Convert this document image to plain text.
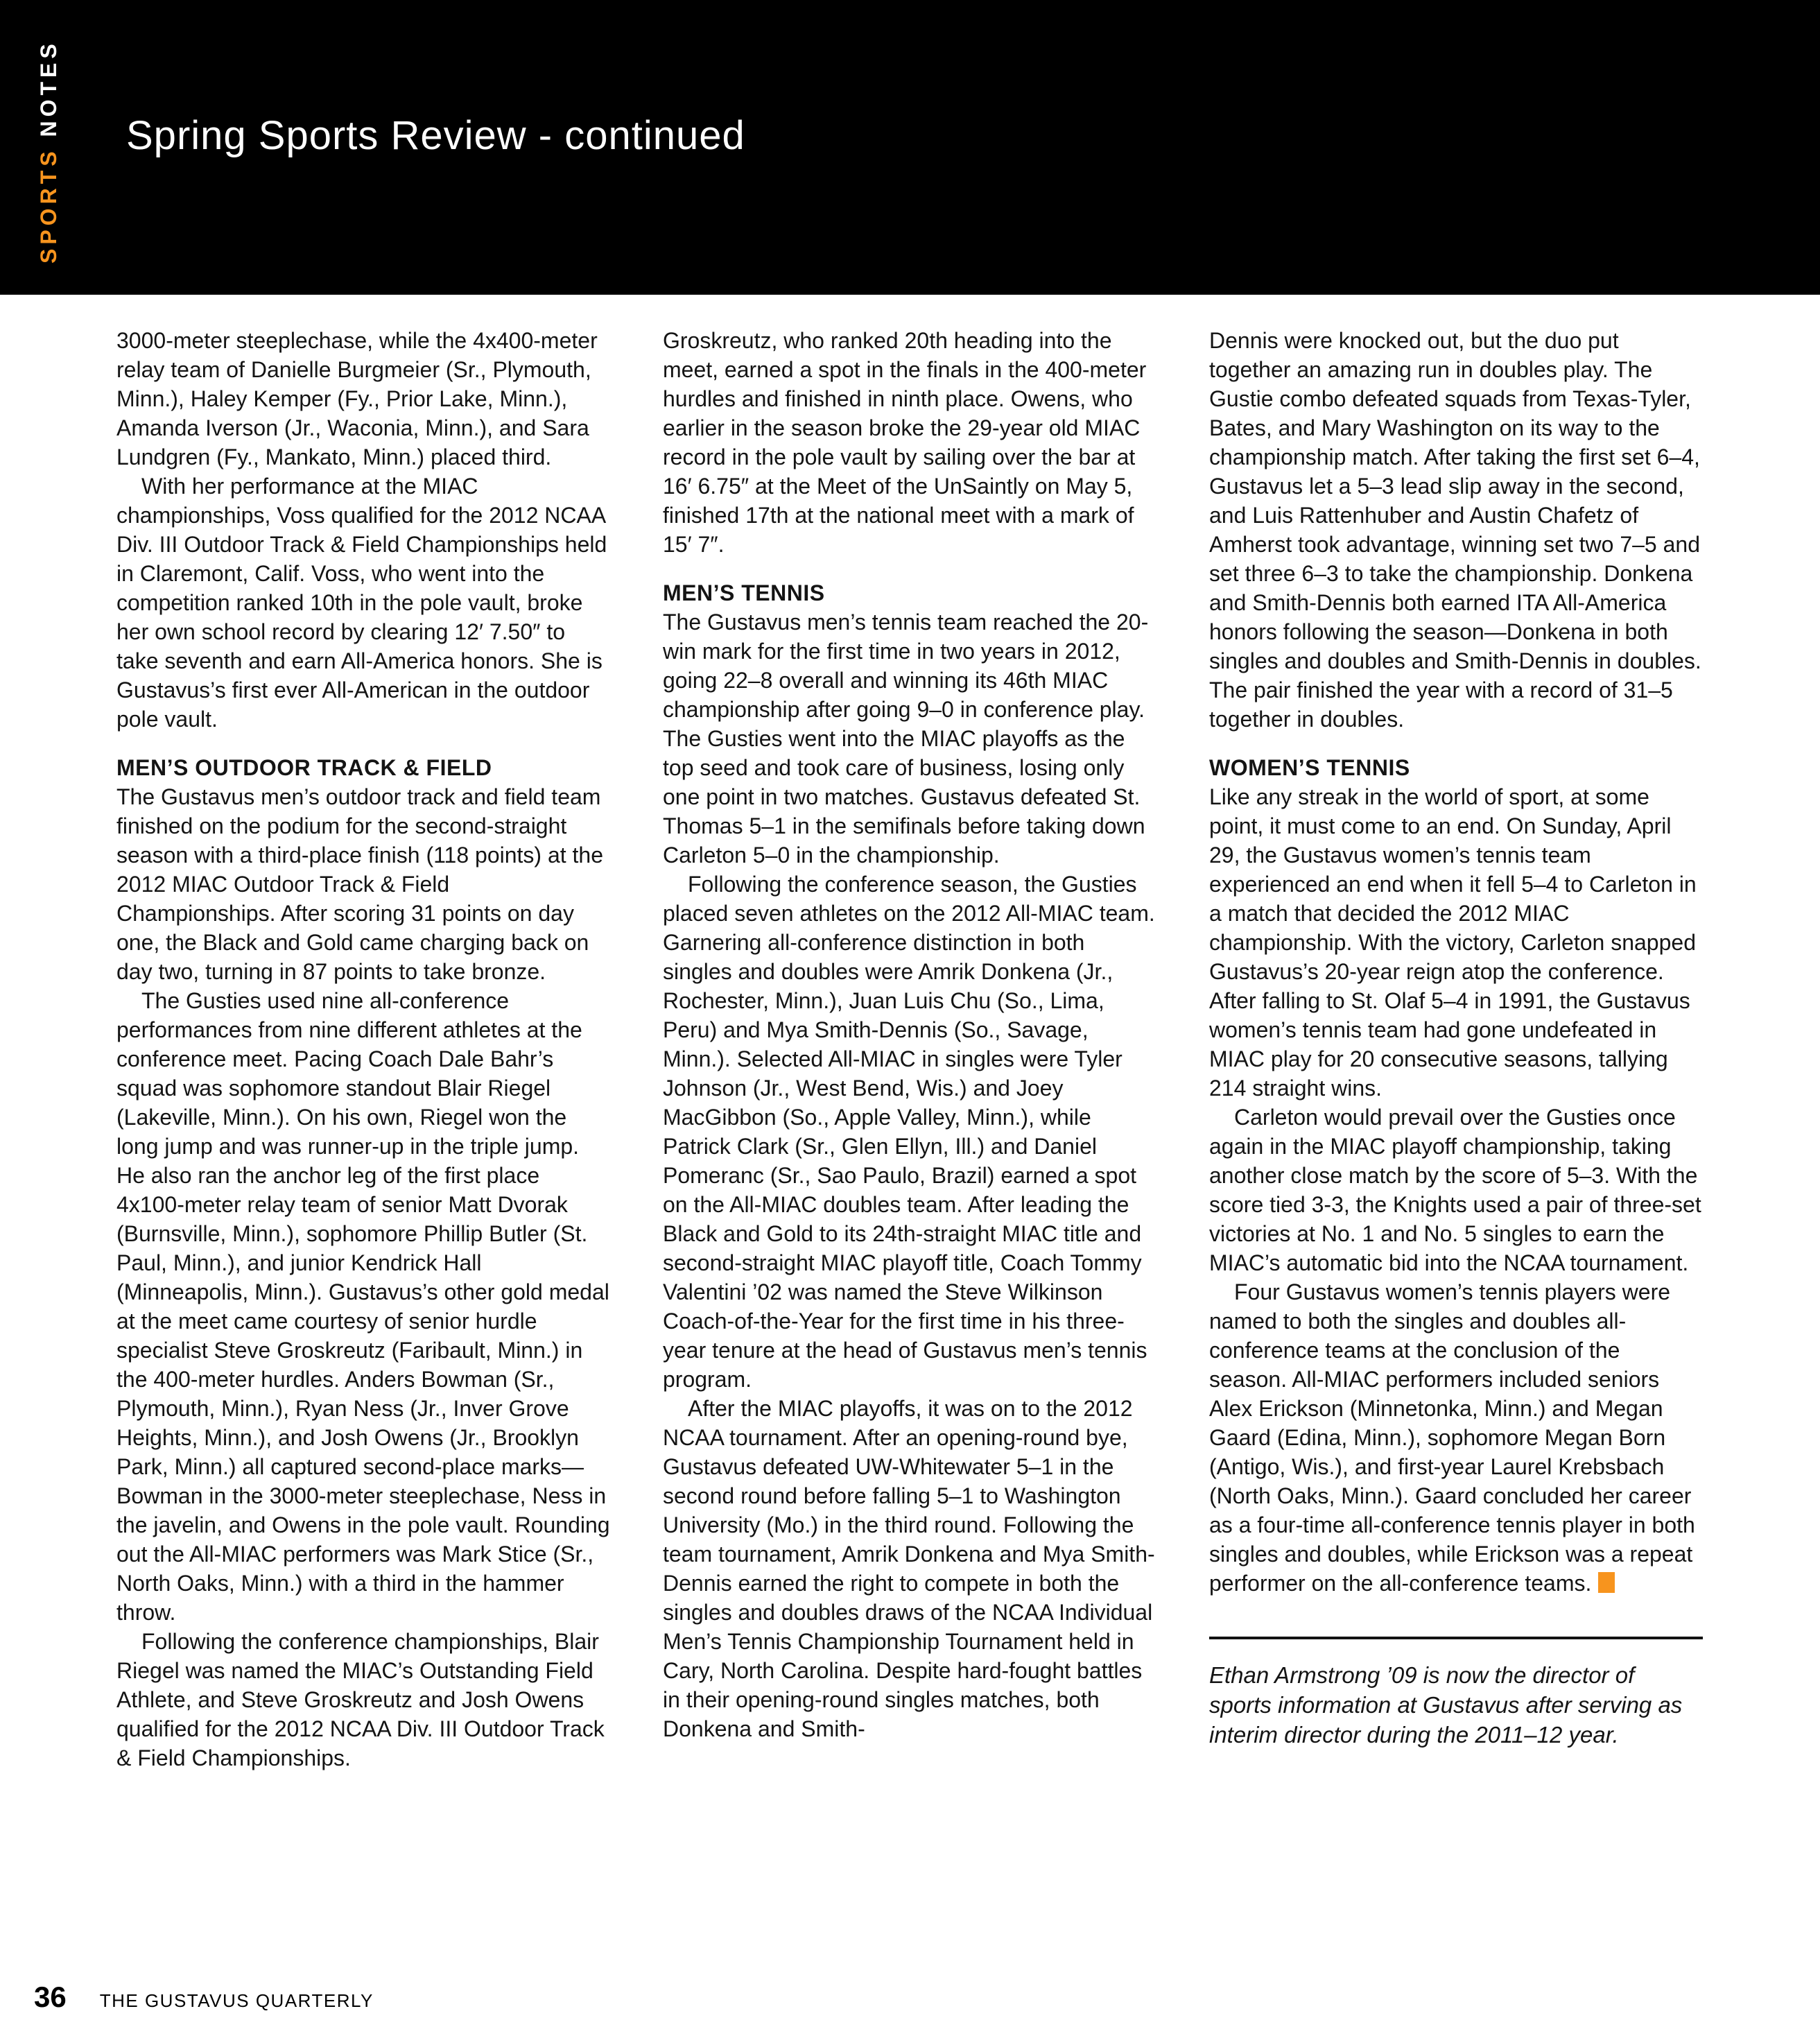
SPORTS NOTES Spring Sports Review - continued

3000-meter steeplechase, while the 4x400-meter relay team of Danielle Burgmeier (Sr., Plymouth, Minn.), Haley Kemper (Fy., Prior Lake, Minn.), Amanda Iverson (Jr., Waconia, Minn.), and Sara Lundgren (Fy., Mankato, Minn.) placed third.

With her performance at the MIAC championships, Voss qualified for the 2012 NCAA Div. III Outdoor Track & Field Championships held in Claremont, Calif. Voss, who went into the competition ranked 10th in the pole vault, broke her own school record by clearing 12′ 7.50″ to take seventh and earn All-America honors. She is Gustavus’s first ever All-American in the outdoor pole vault.

MEN’S OUTDOOR TRACK & FIELD

The Gustavus men’s outdoor track and field team finished on the podium for the second-straight season with a third-place finish (118 points) at the 2012 MIAC Outdoor Track & Field Championships. After scoring 31 points on day one, the Black and Gold came charging back on day two, turning in 87 points to take bronze.

The Gusties used nine all-conference performances from nine different athletes at the conference meet. Pacing Coach Dale Bahr’s squad was sophomore standout Blair Riegel (Lakeville, Minn.). On his own, Riegel won the long jump and was runner-up in the triple jump. He also ran the anchor leg of the first place 4x100-meter relay team of senior Matt Dvorak (Burnsville, Minn.), sophomore Phillip Butler (St. Paul, Minn.), and junior Kendrick Hall (Minneapolis, Minn.). Gustavus’s other gold medal at the meet came courtesy of senior hurdle specialist Steve Groskreutz (Faribault, Minn.) in the 400-meter hurdles. Anders Bowman (Sr., Plymouth, Minn.), Ryan Ness (Jr., Inver Grove Heights, Minn.), and Josh Owens (Jr., Brooklyn Park, Minn.) all captured second-place marks—Bowman in the 3000-meter steeplechase, Ness in the javelin, and Owens in the pole vault. Rounding out the All-MIAC performers was Mark Stice (Sr., North Oaks, Minn.) with a third in the hammer throw.

Following the conference championships, Blair Riegel was named the MIAC’s Outstanding Field Athlete, and Steve Groskreutz and Josh Owens qualified for the 2012 NCAA Div. III Outdoor Track & Field Championships.

Groskreutz, who ranked 20th heading into the meet, earned a spot in the finals in the 400-meter hurdles and finished in ninth place. Owens, who earlier in the season broke the 29-year old MIAC record in the pole vault by sailing over the bar at 16′ 6.75″ at the Meet of the UnSaintly on May 5, finished 17th at the national meet with a mark of 15′ 7″.

MEN’S TENNIS

The Gustavus men’s tennis team reached the 20-win mark for the first time in two years in 2012, going 22–8 overall and winning its 46th MIAC championship after going 9–0 in conference play. The Gusties went into the MIAC playoffs as the top seed and took care of business, losing only one point in two matches. Gustavus defeated St. Thomas 5–1 in the semifinals before taking down Carleton 5–0 in the championship.

Following the conference season, the Gusties placed seven athletes on the 2012 All-MIAC team. Garnering all-conference distinction in both singles and doubles were Amrik Donkena (Jr., Rochester, Minn.), Juan Luis Chu (So., Lima, Peru) and Mya Smith-Dennis (So., Savage, Minn.). Selected All-MIAC in singles were Tyler Johnson (Jr., West Bend, Wis.) and Joey MacGibbon (So., Apple Valley, Minn.), while Patrick Clark (Sr., Glen Ellyn, Ill.) and Daniel Pomeranc (Sr., Sao Paulo, Brazil) earned a spot on the All-MIAC doubles team. After leading the Black and Gold to its 24th-straight MIAC title and second-straight MIAC playoff title, Coach Tommy Valentini ’02 was named the Steve Wilkinson Coach-of-the-Year for the first time in his three-year tenure at the head of Gustavus men’s tennis program.

After the MIAC playoffs, it was on to the 2012 NCAA tournament. After an opening-round bye, Gustavus defeated UW-Whitewater 5–1 in the second round before falling 5–1 to Washington University (Mo.) in the third round. Following the team tournament, Amrik Donkena and Mya Smith-Dennis earned the right to compete in both the singles and doubles draws of the NCAA Individual Men’s Tennis Championship Tournament held in Cary, North Carolina. Despite hard-fought battles in their opening-round singles matches, both Donkena and Smith-

Dennis were knocked out, but the duo put together an amazing run in doubles play. The Gustie combo defeated squads from Texas-Tyler, Bates, and Mary Washington on its way to the championship match. After taking the first set 6–4, Gustavus let a 5–3 lead slip away in the second, and Luis Rattenhuber and Austin Chafetz of Amherst took advantage, winning set two 7–5 and set three 6–3 to take the championship. Donkena and Smith-Dennis both earned ITA All-America honors following the season—Donkena in both singles and doubles and Smith-Dennis in doubles. The pair finished the year with a record of 31–5 together in doubles.

WOMEN’S TENNIS

Like any streak in the world of sport, at some point, it must come to an end. On Sunday, April 29, the Gustavus women’s tennis team experienced an end when it fell 5–4 to Carleton in a match that decided the 2012 MIAC championship. With the victory, Carleton snapped Gustavus’s 20-year reign atop the conference. After falling to St. Olaf 5–4 in 1991, the Gustavus women’s tennis team had gone undefeated in MIAC play for 20 consecutive seasons, tallying 214 straight wins.

Carleton would prevail over the Gusties once again in the MIAC playoff championship, taking another close match by the score of 5–3. With the score tied 3-3, the Knights used a pair of three-set victories at No. 1 and No. 5 singles to earn the MIAC’s automatic bid into the NCAA tournament.

Four Gustavus women’s tennis players were named to both the singles and doubles all-conference teams at the conclusion of the season. All-MIAC performers included seniors Alex Erickson (Minnetonka, Minn.) and Megan Gaard (Edina, Minn.), sophomore Megan Born (Antigo, Wis.), and first-year Laurel Krebsbach (North Oaks, Minn.). Gaard concluded her career as a four-time all-conference tennis player in both singles and doubles, while Erickson was a repeat performer on the all-conference teams.

Ethan Armstrong ’09 is now the director of sports information at Gustavus after serving as interim director during the 2011–12 year.

36 THE GUSTAVUS QUARTERLY
